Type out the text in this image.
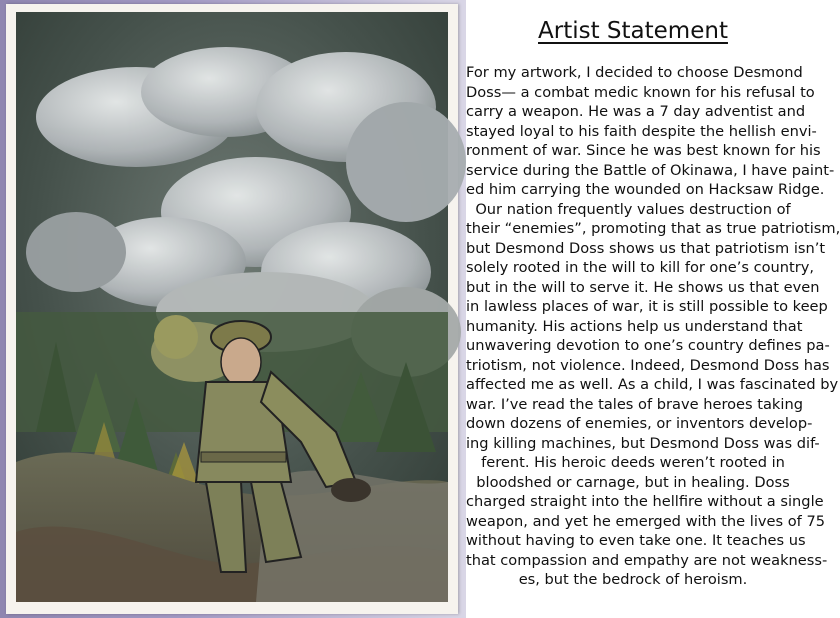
Artist Statement
For my artwork, I decided to choose Desmond
Doss— a combat medic known for his refusal to
carry a weapon. He was a 7 day adventist and
stayed loyal to his faith despite the hellish envi-
ronment of war. Since he was best known for his
service during the Battle of Okinawa, I have paint-
ed him carrying the wounded on Hacksaw Ridge.
Our nation frequently values destruction of
their “enemies”, promoting that as true patriotism,
but Desmond Doss shows us that patriotism isn’t
solely rooted in the will to kill for one’s country,
but in the will to serve it. He shows us that even
in lawless places of war, it is still possible to keep
humanity. His actions help us understand that
unwavering devotion to one’s country defines pa-
triotism, not violence. Indeed, Desmond Doss has
affected me as well. As a child, I was fascinated by
war. I’ve read the tales of brave heroes taking
down dozens of enemies, or inventors develop-
ing killing machines, but Desmond Doss was dif-
ferent. His heroic deeds weren’t rooted in
bloodshed or carnage, but in healing. Doss
charged straight into the hellfire without a single
weapon, and yet he emerged with the lives of 75
without having to even take one. It teaches us
that compassion and empathy are not weakness-
es, but the bedrock of heroism.
